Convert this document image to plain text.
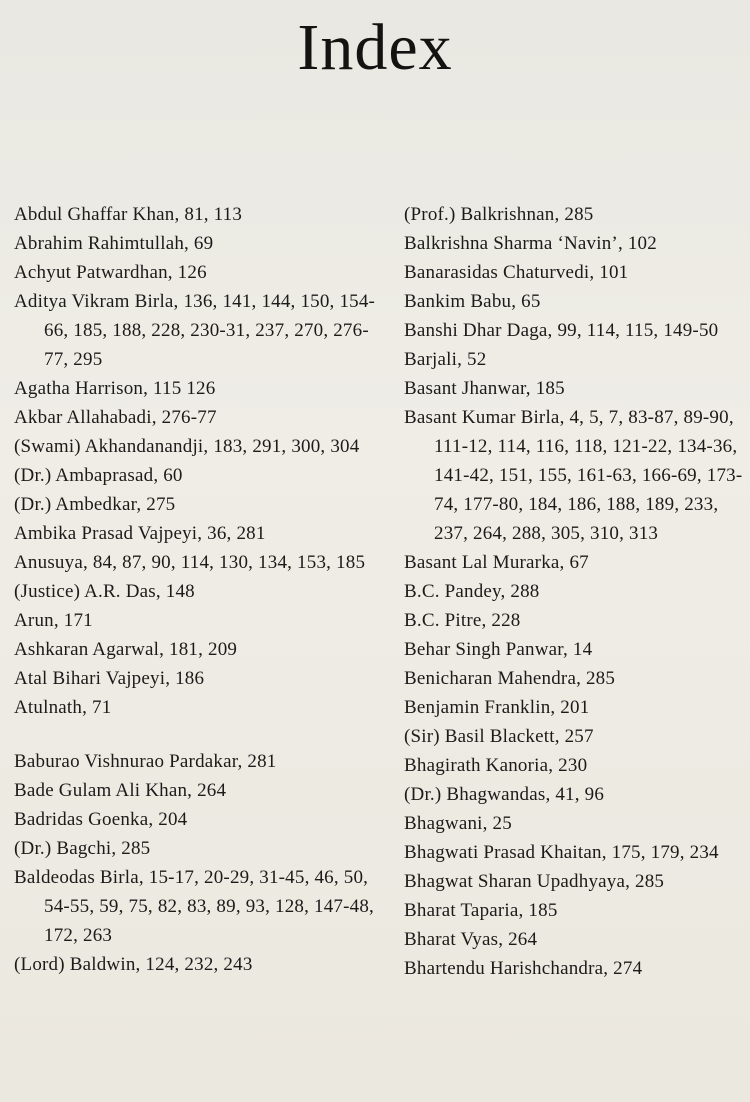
Index

Abdul Ghaffar Khan, 81, 113

Abrahim Rahimtullah, 69

Achyut Patwardhan, 126

Aditya Vikram Birla, 136, 141, 144, 150, 154-66, 185, 188, 228, 230-31, 237, 270, 276-77, 295

Agatha Harrison, 115 126

Akbar Allahabadi, 276-77

(Swami) Akhandanandji, 183, 291, 300, 304

(Dr.) Ambaprasad, 60

(Dr.) Ambedkar, 275

Ambika Prasad Vajpeyi, 36, 281

Anusuya, 84, 87, 90, 114, 130, 134, 153, 185

(Justice) A.R. Das, 148

Arun, 171

Ashkaran Agarwal, 181, 209

Atal Bihari Vajpeyi, 186

Atulnath, 71

Baburao Vishnurao Pardakar, 281

Bade Gulam Ali Khan, 264

Badridas Goenka, 204

(Dr.) Bagchi, 285

Baldeodas Birla, 15-17, 20-29, 31-45, 46, 50, 54-55, 59, 75, 82, 83, 89, 93, 128, 147-48, 172, 263

(Lord) Baldwin, 124, 232, 243

(Prof.) Balkrishnan, 285

Balkrishna Sharma ‘Navin’, 102

Banarasidas Chaturvedi, 101

Bankim Babu, 65

Banshi Dhar Daga, 99, 114, 115, 149-50

Barjali, 52

Basant Jhanwar, 185

Basant Kumar Birla, 4, 5, 7, 83-87, 89-90, 111-12, 114, 116, 118, 121-22, 134-36, 141-42, 151, 155, 161-63, 166-69, 173-74, 177-80, 184, 186, 188, 189, 233, 237, 264, 288, 305, 310, 313

Basant Lal Murarka, 67

B.C. Pandey, 288

B.C. Pitre, 228

Behar Singh Panwar, 14

Benicharan Mahendra, 285

Benjamin Franklin, 201

(Sir) Basil Blackett, 257

Bhagirath Kanoria, 230

(Dr.) Bhagwandas, 41, 96

Bhagwani, 25

Bhagwati Prasad Khaitan, 175, 179, 234

Bhagwat Sharan Upadhyaya, 285

Bharat Taparia, 185

Bharat Vyas, 264

Bhartendu Harishchandra, 274
